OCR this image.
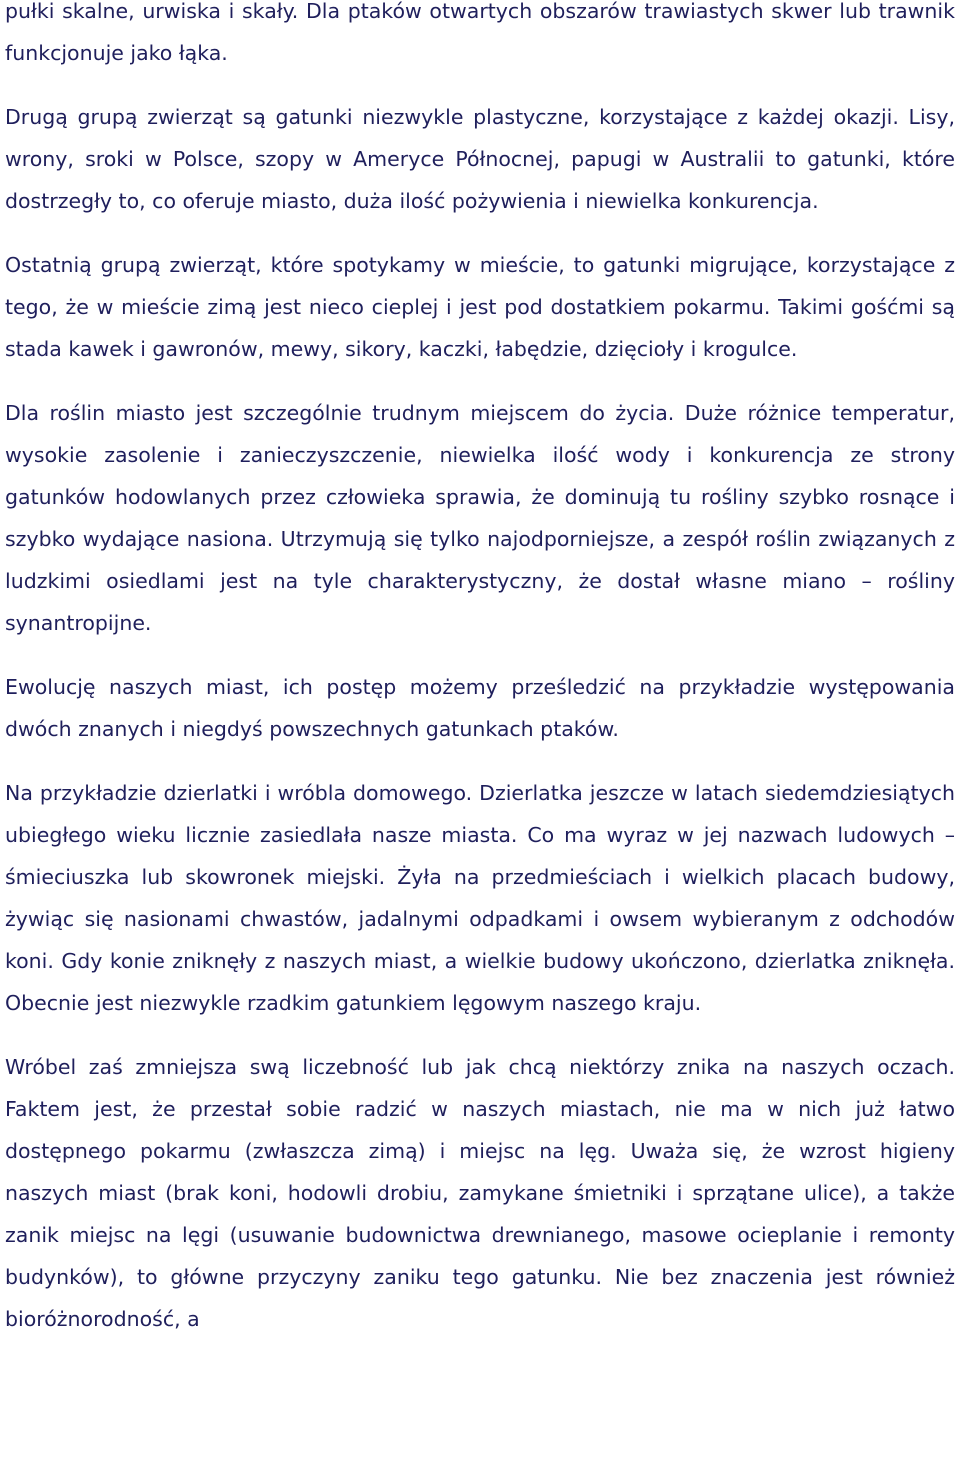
pułki skalne, urwiska i skały. Dla ptaków otwartych obszarów trawiastych skwer lub trawnik funkcjonuje jako łąka.

Drugą grupą zwierząt są gatunki niezwykle plastyczne, korzystające z każdej okazji. Lisy, wrony, sroki w Polsce, szopy w Ameryce Północnej, papugi w Australii to gatunki, które dostrzegły to, co oferuje miasto, duża ilość pożywienia i niewielka konkurencja.

Ostatnią grupą zwierząt, które spotykamy w mieście, to gatunki migrujące, korzystające z tego, że w mieście zimą jest nieco cieplej i jest pod dostatkiem pokarmu. Takimi gośćmi są stada kawek i gawronów, mewy, sikory, kaczki, łabędzie, dzięcioły i krogulce.

Dla roślin miasto jest szczególnie trudnym miejscem do życia. Duże różnice temperatur, wysokie zasolenie i zanieczyszczenie, niewielka ilość wody i konkurencja ze strony gatunków hodowlanych przez człowieka sprawia, że dominują tu rośliny szybko rosnące i szybko wydające nasiona. Utrzymują się tylko najodporniejsze, a zespół roślin związanych z ludzkimi osiedlami jest na tyle charakterystyczny, że dostał własne miano – rośliny synantropijne.

Ewolucję naszych miast, ich postęp możemy prześledzić na przykładzie występowania dwóch znanych i niegdyś powszechnych gatunkach ptaków.

Na przykładzie dzierlatki i wróbla domowego. Dzierlatka jeszcze w latach siedemdziesiątych ubiegłego wieku licznie zasiedlała nasze miasta. Co ma wyraz w jej nazwach ludowych – śmieciuszka lub skowronek miejski. Żyła na przedmieściach i wielkich placach budowy, żywiąc się nasionami chwastów, jadalnymi odpadkami i owsem wybieranym z odchodów koni. Gdy konie zniknęły z naszych miast, a wielkie budowy ukończono, dzierlatka zniknęła. Obecnie jest niezwykle rzadkim gatunkiem lęgowym naszego kraju.

Wróbel zaś zmniejsza swą liczebność lub jak chcą niektórzy znika na naszych oczach. Faktem jest, że przestał sobie radzić w naszych miastach, nie ma w nich już łatwo dostępnego pokarmu (zwłaszcza zimą) i miejsc na lęg. Uważa się, że wzrost higieny naszych miast (brak koni, hodowli drobiu, zamykane śmietniki i sprzątane ulice), a także zanik miejsc na lęgi (usuwanie budownictwa drewnianego, masowe ocieplanie i remonty budynków), to główne przyczyny zaniku tego gatunku. Nie bez znaczenia jest również bioróżnorodność, a
